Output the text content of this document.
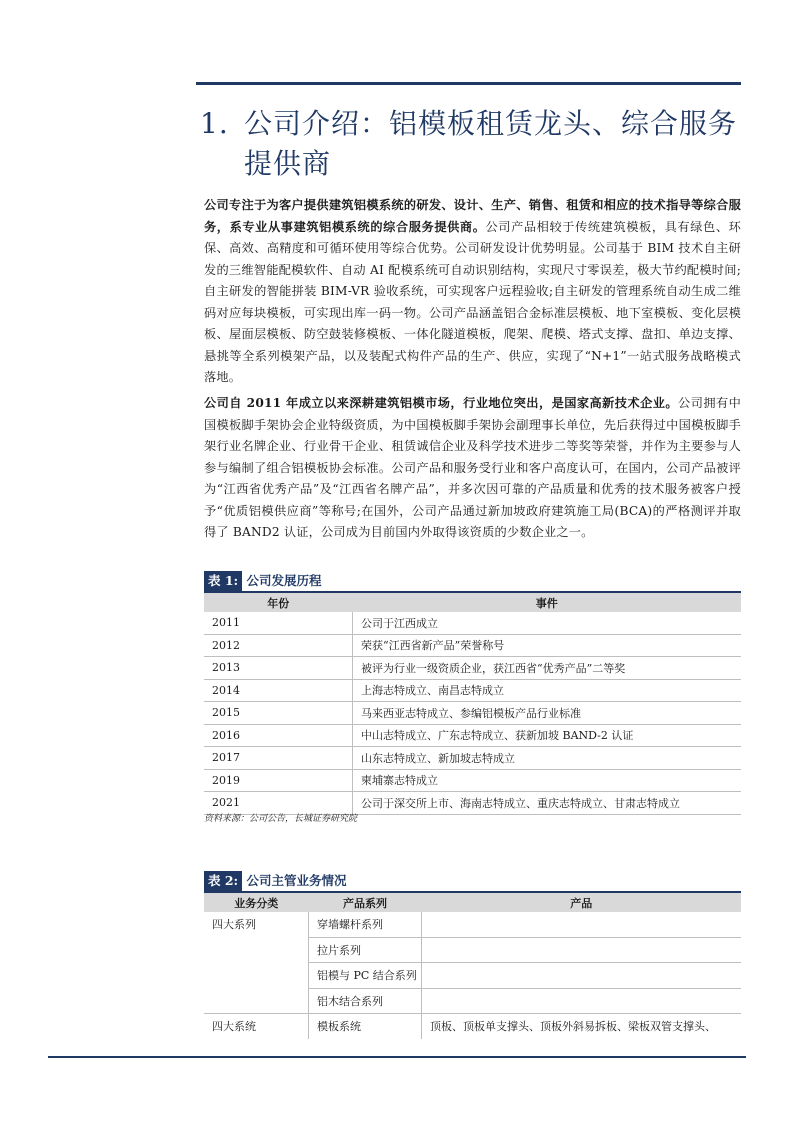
1. 公司介绍：铝模板租赁龙头、综合服务
提供商
公司专注于为客户提供建筑铝模系统的研发、设计、生产、销售、租赁和相应的技术指导等综合服务，系专业从事建筑铝模系统的综合服务提供商。公司产品相较于传统建筑模板，具有绿色、环保、高效、高精度和可循环使用等综合优势。公司研发设计优势明显。公司基于 BIM 技术自主研发的三维智能配模软件、自动 AI 配模系统可自动识别结构，实现尺寸零误差，极大节约配模时间;自主研发的智能拼装 BIM-VR 验收系统，可实现客户远程验收;自主研发的管理系统自动生成二维码对应每块模板，可实现出库一码一物。公司产品涵盖铝合金标准层模板、地下室模板、变化层模板、屋面层模板、防空鼓装修模板、一体化隧道模板，爬架、爬模、塔式支撑、盘扣、单边支撑、悬挑等全系列模架产品，以及装配式构件产品的生产、供应，实现了“N+1”一站式服务战略模式落地。
公司自 2011 年成立以来深耕建筑铝模市场，行业地位突出，是国家高新技术企业。公司拥有中国模板脚手架协会企业特级资质，为中国模板脚手架协会副理事长单位，先后获得过中国模板脚手架行业名牌企业、行业骨干企业、租赁诚信企业及科学技术进步二等奖等荣誉，并作为主要参与人参与编制了组合铝模板协会标准。公司产品和服务受行业和客户高度认可，在国内，公司产品被评为“江西省优秀产品”及“江西省名牌产品”，并多次因可靠的产品质量和优秀的技术服务被客户授予“优质铝模供应商”等称号;在国外，公司产品通过新加坡政府建筑施工局(BCA)的严格测评并取得了 BAND2 认证，公司成为目前国内外取得该资质的少数企业之一。
表 1: 公司发展历程
年份	事件
2011	公司于江西成立
2012	荣获“江西省新产品”荣誉称号
2013	被评为行业一级资质企业，获江西省“优秀产品”二等奖
2014	上海志特成立、南昌志特成立
2015	马来西亚志特成立、参编铝模板产品行业标准
2016	中山志特成立、广东志特成立、获新加坡 BAND-2 认证
2017	山东志特成立、新加坡志特成立
2019	柬埔寨志特成立
2021	公司于深交所上市、海南志特成立、重庆志特成立、甘肃志特成立
资料来源：公司公告，长城证券研究院
表 2: 公司主管业务情况
业务分类	产品系列	产品
四大系列	穿墙螺杆系列	
	拉片系列	
	铝模与 PC 结合系列	
	铝木结合系列	
四大系统	模板系统	顶板、顶板单支撑头、顶板外斜易拆板、梁板双管支撑头、
